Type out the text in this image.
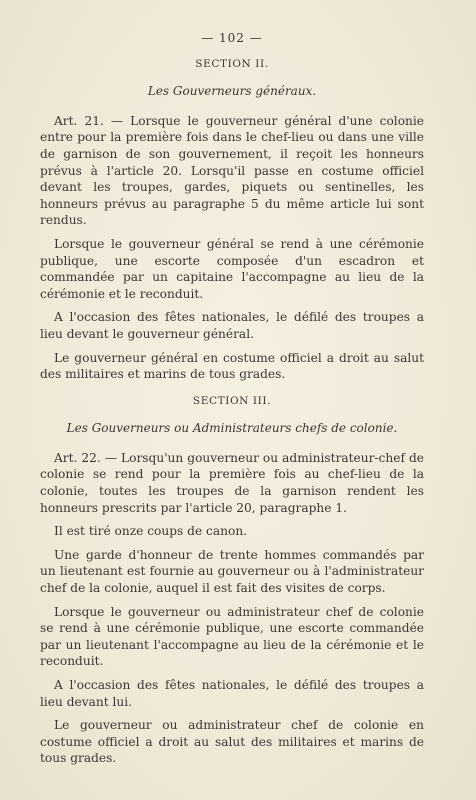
— 102 —
SECTION II.
Les Gouverneurs généraux.

Art. 21. — Lorsque le gouverneur général d'une colonie entre pour la première fois dans le chef-lieu ou dans une ville de garnison de son gouvernement, il reçoit les honneurs prévus à l'article 20. Lorsqu'il passe en costume officiel devant les troupes, gardes, piquets ou sentinelles, les honneurs prévus au paragraphe 5 du même article lui sont rendus.

Lorsque le gouverneur général se rend à une cérémonie publique, une escorte composée d'un escadron et commandée par un capitaine l'accompagne au lieu de la cérémonie et le reconduit.

A l'occasion des fêtes nationales, le défilé des troupes a lieu devant le gouverneur général.

Le gouverneur général en costume officiel a droit au salut des militaires et marins de tous grades.

SECTION III.
Les Gouverneurs ou Administrateurs chefs de colonie.

Art. 22. — Lorsqu'un gouverneur ou administrateur-chef de colonie se rend pour la première fois au chef-lieu de la colonie, toutes les troupes de la garnison rendent les honneurs prescrits par l'article 20, paragraphe 1.

Il est tiré onze coups de canon.

Une garde d'honneur de trente hommes commandés par un lieutenant est fournie au gouverneur ou à l'administrateur chef de la colonie, auquel il est fait des visites de corps.

Lorsque le gouverneur ou administrateur chef de colonie se rend à une cérémonie publique, une escorte commandée par un lieutenant l'accompagne au lieu de la cérémonie et le reconduit.

A l'occasion des fêtes nationales, le défilé des troupes a lieu devant lui.

Le gouverneur ou administrateur chef de colonie en costume officiel a droit au salut des militaires et marins de tous grades.
